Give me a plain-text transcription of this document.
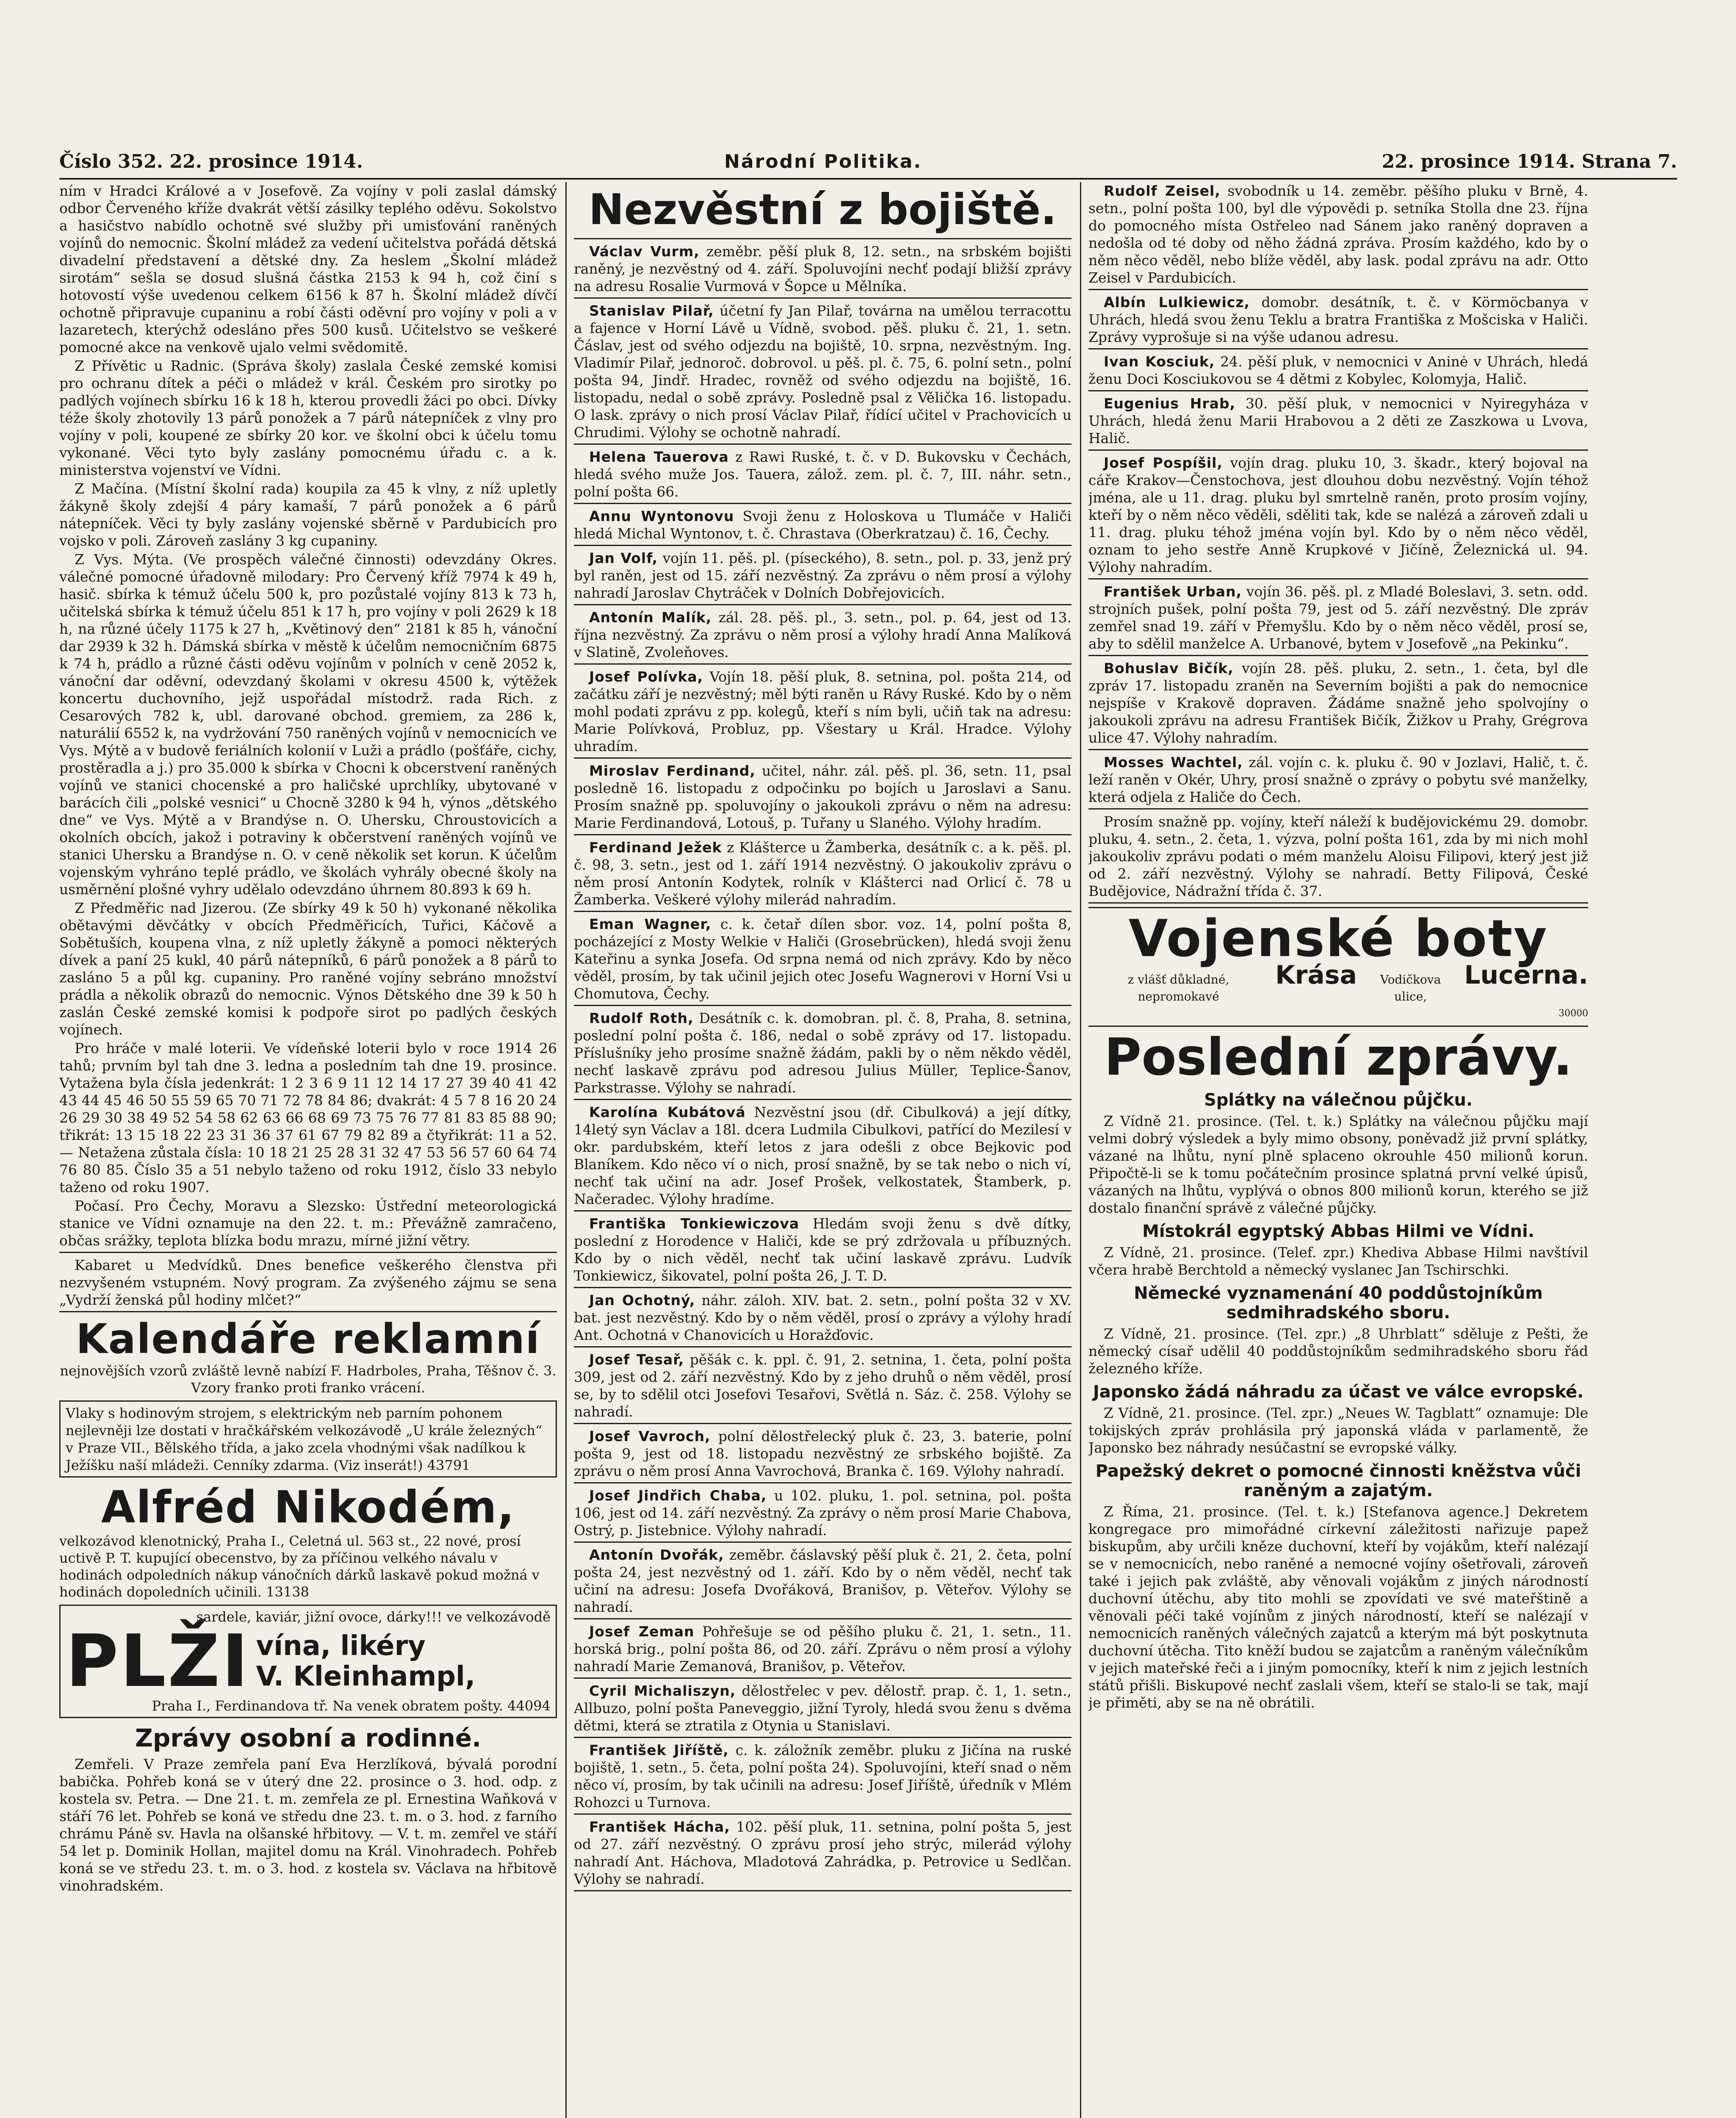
Číslo 352. 22. prosince 1914.	Národní Politika.	22. prosince 1914. Strana 7.

ním v Hradci Králové a v Josefově. Za vojíny v poli zaslal dámský odbor Červeného kříže dvakrát větší zásilky teplého oděvu. Sokolstvo a hasičstvo nabídlo ochotně své služby při umisťování raněných vojínů do nemocnic. Školní mládež za vedení učitelstva pořádá dětská divadelní představení a dětské dny. Za heslem „Školní mládež sirotám“ sešla se dosud slušná částka 2153 k 94 h, což činí s hotovostí výše uvedenou celkem 6156 k 87 h. Školní mládež dívčí ochotně připravuje cupaninu a robí části oděvní pro vojíny v poli a v lazaretech, kterýchž odesláno přes 500 kusů. Učitelstvo se veškeré pomocné akce na venkově ujalo velmi svědomitě.

Z Přívětic u Radnic. (Správa školy) zaslala České zemské komisi pro ochranu dítek a péči o mládež v král. Českém pro sirotky po padlých vojínech sbírku 16 k 18 h, kterou provedli žáci po obci. Dívky téže školy zhotovily 13 párů ponožek a 7 párů nátepníček z vlny pro vojíny v poli, koupené ze sbírky 20 kor. ve školní obci k účelu tomu vykonané. Věci tyto byly zaslány pomocnému úřadu c. a k. ministerstva vojenství ve Vídni.

Z Mačína. (Místní školní rada) koupila za 45 k vlny, z níž upletly žákyně školy zdejší 4 páry kamaší, 7 párů ponožek a 6 párů nátepníček. Věci ty byly zaslány vojenské sběrně v Pardubicích pro vojsko v poli. Zároveň zaslány 3 kg cupaniny.

Z Vys. Mýta. (Ve prospěch válečné činnosti) odevzdány Okres. válečné pomocné úřadovně milodary: Pro Červený kříž 7974 k 49 h, hasič. sbírka k témuž účelu 500 k, pro pozůstalé vojíny 813 k 73 h, učitelská sbírka k témuž účelu 851 k 17 h, pro vojíny v poli 2629 k 18 h, na různé účely 1175 k 27 h, „Květinový den“ 2181 k 85 h, vánoční dar 2939 k 32 h. Dámská sbírka v městě k účelům nemocničním 6875 k 74 h, prádlo a různé části oděvu vojínům v polních v ceně 2052 k, vánoční dar oděvní, odevzdaný školami v okresu 4500 k, výtěžek koncertu duchovního, jejž uspořádal místodrž. rada Rich. z Cesarových 782 k, ubl. darované obchod. gremiem, za 286 k, naturálií 6552 k, na vydržování 750 raněných vojínů v nemocnicích ve Vys. Mýtě a v budově feriálních kolonií v Luži a prádlo (pošťáře, cichy, prostěradla a j.) pro 35.000 k sbírka v Chocni k obcerstvení raněných vojínů ve stanici chocenské a pro haličské uprchlíky, ubytované v barácích čili „polské vesnici“ u Chocně 3280 k 94 h, výnos „dětského dne“ ve Vys. Mýtě a v Brandýse n. O. Uhersku, Chroustovicích a okolních obcích, jakož i potraviny k občerstvení raněných vojínů ve stanici Uhersku a Brandýse n. O. v ceně několik set korun. K účelům vojenským vyhráno teplé prádlo, ve školách vyhrály obecné školy na usměrnění plošné vyhry udělalo odevzdáno úhrnem 80.893 k 69 h.

Z Předměřic nad Jizerou. (Ze sbírky 49 k 50 h) vykonané několika obětavými děvčátky v obcích Předměřicích, Tuřici, Káčově a Sobětuších, koupena vlna, z níž upletly žákyně a pomoci některých dívek a paní 25 kukl, 40 párů nátepníků, 6 párů ponožek a 8 párů to zasláno 5 a půl kg. cupaniny. Pro raněné vojíny sebráno množství prádla a několik obrazů do nemocnic. Výnos Dětského dne 39 k 50 h zaslán České zemské komisi k podpoře sirot po padlých českých vojínech.

Pro hráče v malé loterii. Ve vídeňské loterii bylo v roce 1914 26 tahů; prvním byl tah dne 3. ledna a posledním tah dne 19. prosince. Vytažena byla čísla jedenkrát: 1 2 3 6 9 11 12 14 17 27 39 40 41 42 43 44 45 46 50 55 59 65 70 71 72 78 84 86; dvakrát: 4 5 7 8 16 20 24 26 29 30 38 49 52 54 58 62 63 66 68 69 73 75 76 77 81 83 85 88 90; třikrát: 13 15 18 22 23 31 36 37 61 67 79 82 89 a čtyřikrát: 11 a 52. — Netažena zůstala čísla: 10 18 21 25 28 31 32 47 53 56 57 60 64 74 76 80 85. Číslo 35 a 51 nebylo taženo od roku 1912, číslo 33 nebylo taženo od roku 1907.

Počasí. Pro Čechy, Moravu a Slezsko: Ústřední meteorologická stanice ve Vídni oznamuje na den 22. t. m.: Převážně zamračeno, občas srážky, teplota blízka bodu mrazu, mírné jižní větry.

Kabaret u Medvídků. Dnes benefice veškerého členstva při nezvyšeném vstupném. Nový program. Za zvýšeného zájmu se sena „Vydrží ženská půl hodiny mlčet?“

Kalendáře reklamní
nejnovějších vzorů zvláště levně nabízí F. Hadrboles, Praha, Těšnov č. 3. Vzory franko proti franko vrácení.
Vlaky s hodinovým strojem, s elektrickým neb parním pohonem nejlevněji lze dostati v hračkářském velkozávodě „U krále železných“ v Praze VII., Bělského třída, a jako zcela vhodnými však nadílkou k Ježíšku naší mládeži. Cenníky zdarma. (Viz inserát!) 43791
Alfréd Nikodém,
velkozávod klenotnický, Praha I., Celetná ul. 563 st., 22 nové, prosí uctivě P. T. kupující obecenstvo, by za příčinou velkého návalu v hodinách odpoledních nákup vánočních dárků laskavě pokud možná v hodinách dopoledních učinili. 13138
sardele, kaviár, jižní ovoce, dárky!!! ve velkozávodě
PLŽI vína, likéry
V. Kleinhampl,
Praha I., Ferdinandova tř. Na venek obratem pošty. 44094
Zprávy osobní a rodinné.

Zemřeli. V Praze zemřela paní Eva Herzlíková, bývalá porodní babička. Pohřeb koná se v úterý dne 22. prosince o 3. hod. odp. z kostela sv. Petra. — Dne 21. t. m. zemřela ze pl. Ernestina Waňková v stáří 76 let. Pohřeb se koná ve středu dne 23. t. m. o 3. hod. z farního chrámu Páně sv. Havla na olšanské hřbitovy. — V. t. m. zemřel ve stáří 54 let p. Dominik Hollan, majitel domu na Král. Vinohradech. Pohřeb koná se ve středu 23. t. m. o 3. hod. z kostela sv. Václava na hřbitově vinohradském.

Nezvěstní z bojiště.

Václav Vurm, zeměbr. pěší pluk 8, 12. setn., na srbském bojišti raněný, je nezvěstný od 4. září. Spoluvojíni nechť podají bližší zprávy na adresu Rosalie Vurmová v Šopce u Mělníka.

Stanislav Pilař, účetní fy Jan Pilař, továrna na umělou terracottu a fajence v Horní Lávě u Vídně, svobod. pěš. pluku č. 21, 1. setn. Čáslav, jest od svého odjezdu na bojiště, 10. srpna, nezvěstným. Ing. Vladimír Pilař, jednoroč. dobrovol. u pěš. pl. č. 75, 6. polní setn., polní pošta 94, Jindř. Hradec, rovněž od svého odjezdu na bojiště, 16. listopadu, nedal o sobě zprávy. Posledně psal z Vělička 16. listopadu. O lask. zprávy o nich prosí Václav Pilař, řídící učitel v Prachovicích u Chrudimi. Výlohy se ochotně nahradí.

Helena Tauerova z Rawi Ruské, t. č. v D. Bukovsku v Čechách, hledá svého muže Jos. Tauera, zálož. zem. pl. č. 7, III. náhr. setn., polní pošta 66.

Annu Wyntonovu Svoji ženu z Holoskova u Tlumáče v Haliči hledá Michal Wyntonov, t. č. Chrastava (Oberkratzau) č. 16, Čechy.

Jan Volf, vojín 11. pěš. pl. (píseckého), 8. setn., pol. p. 33, jenž prý byl raněn, jest od 15. září nezvěstný. Za zprávu o něm prosí a výlohy nahradí Jaroslav Chytráček v Dolních Dobřejovicích.

Antonín Malík, zál. 28. pěš. pl., 3. setn., pol. p. 64, jest od 13. října nezvěstný. Za zprávu o něm prosí a výlohy hradí Anna Malíková v Slatině, Zvoleňoves.

Josef Polívka, Vojín 18. pěší pluk, 8. setnina, pol. pošta 214, od začátku září je nezvěstný; měl býti raněn u Rávy Ruské. Kdo by o něm mohl podati zprávu z pp. kolegů, kteří s ním byli, učiň tak na adresu: Marie Polívková, Probluz, pp. Všestary u Král. Hradce. Výlohy uhradím.

Miroslav Ferdinand, učitel, náhr. zál. pěš. pl. 36, setn. 11, psal posledně 16. listopadu z odpočinku po bojích u Jaroslavi a Sanu. Prosím snažně pp. spoluvojíny o jakoukoli zprávu o něm na adresu: Marie Ferdinandová, Lotouš, p. Tuřany u Slaného. Výlohy hradím.

Ferdinand Ježek z Klášterce u Žamberka, desátník c. a k. pěš. pl. č. 98, 3. setn., jest od 1. září 1914 nezvěstný. O jakoukoliv zprávu o něm prosí Antonín Kodytek, rolník v Klášterci nad Orlicí č. 78 u Žamberka. Veškeré výlohy milerád nahradím.

Eman Wagner, c. k. četař dílen sbor. voz. 14, polní pošta 8, pocházející z Mosty Welkie v Haliči (Grosebrücken), hledá svoji ženu Kateřinu a synka Josefa. Od srpna nemá od nich zprávy. Kdo by něco věděl, prosím, by tak učinil jejich otec Josefu Wagnerovi v Horní Vsi u Chomutova, Čechy.

Rudolf Roth, Desátník c. k. domobran. pl. č. 8, Praha, 8. setnina, poslední polní pošta č. 186, nedal o sobě zprávy od 17. listopadu. Příslušníky jeho prosíme snažně žádám, pakli by o něm někdo věděl, nechť laskavě zprávu pod adresou Julius Müller, Teplice-Šanov, Parkstrasse. Výlohy se nahradí.

Karolína Kubátová Nezvěstní jsou (dř. Cibulková) a její dítky, 14letý syn Václav a 18l. dcera Ludmila Cibulkovi, patřící do Mezilesí v okr. pardubském, kteří letos z jara odešli z obce Bejkovic pod Blaníkem. Kdo něco ví o nich, prosí snažně, by se tak nebo o nich ví, nechť tak učiní na adr. Josef Prošek, velkostatek, Štamberk, p. Načeradec. Výlohy hradíme.

Františka Tonkiewiczova Hledám svoji ženu s dvě dítky, poslední z Horodence v Haliči, kde se prý zdržovala u příbuzných. Kdo by o nich věděl, nechť tak učiní laskavě zprávu. Ludvík Tonkiewicz, šikovatel, polní pošta 26, J. T. D.

Jan Ochotný, náhr. záloh. XIV. bat. 2. setn., polní pošta 32 v XV. bat. jest nezvěstný. Kdo by o něm věděl, prosí o zprávy a výlohy hradí Ant. Ochotná v Chanovicích u Horažďovic.

Josef Tesař, pěšák c. k. ppl. č. 91, 2. setnina, 1. četa, polní pošta 309, jest od 2. září nezvěstný. Kdo by z jeho druhů o něm věděl, prosí se, by to sdělil otci Josefovi Tesařovi, Světlá n. Sáz. č. 258. Výlohy se nahradí.

Josef Vavroch, polní dělostřelecký pluk č. 23, 3. baterie, polní pošta 9, jest od 18. listopadu nezvěstný ze srbského bojiště. Za zprávu o něm prosí Anna Vavrochová, Branka č. 169. Výlohy nahradí.

Josef Jindřich Chaba, u 102. pluku, 1. pol. setnina, pol. pošta 106, jest od 14. září nezvěstný. Za zprávy o něm prosí Marie Chabova, Ostrý, p. Jistebnice. Výlohy nahradí.

Antonín Dvořák, zeměbr. čáslavský pěší pluk č. 21, 2. četa, polní pošta 24, jest nezvěstný od 1. září. Kdo by o něm věděl, nechť tak učiní na adresu: Josefa Dvořáková, Branišov, p. Věteřov. Výlohy se nahradí.

Josef Zeman Pohřešuje se od pěšího pluku č. 21, 1. setn., 11. horská brig., polní pošta 86, od 20. září. Zprávu o něm prosí a výlohy nahradí Marie Zemanová, Branišov, p. Věteřov.

Cyril Michaliszyn, dělostřelec v pev. dělostř. prap. č. 1, 1. setn., Allbuzo, polní pošta Paneveggio, jižní Tyroly, hledá svou ženu s dvěma dětmi, která se ztratila z Otynia u Stanislavi.

František Jiříště, c. k. záložník zeměbr. pluku z Jičína na ruské bojiště, 1. setn., 5. četa, polní pošta 24). Spoluvojíni, kteří snad o něm něco ví, prosím, by tak učinili na adresu: Josef Jiříště, úředník v Mlém Rohozci u Turnova.

František Hácha, 102. pěší pluk, 11. setnina, polní pošta 5, jest od 27. září nezvěstný. O zprávu prosí jeho strýc, milerád výlohy nahradí Ant. Háchova, Mladotová Zahrádka, p. Petrovice u Sedlčan. Výlohy se nahradí.

Rudolf Zeisel, svobodník u 14. zeměbr. pěšího pluku v Brně, 4. setn., polní pošta 100, byl dle výpovědi p. setníka Stolla dne 23. října do pomocného místa Ostřeleo nad Sánem jako raněný dopraven a nedošla od té doby od něho žádná zpráva. Prosím každého, kdo by o něm něco věděl, nebo blíže věděl, aby lask. podal zprávu na adr. Otto Zeisel v Pardubicích.

Albín Lulkiewicz, domobr. desátník, t. č. v Körmöcbanya v Uhrách, hledá svou ženu Teklu a bratra Františka z Mošciska v Haliči. Zprávy vyprošuje si na výše udanou adresu.

Ivan Kosciuk, 24. pěší pluk, v nemocnici v Aninė v Uhrách, hledá ženu Doci Kosciukovou se 4 dětmi z Kobylec, Kolomyja, Halič.

Eugenius Hrab, 30. pěší pluk, v nemocnici v Nyiregyháza v Uhrách, hledá ženu Marii Hrabovou a 2 děti ze Zaszkowa u Lvova, Halič.

Josef Pospíšil, vojín drag. pluku 10, 3. škadr., který bojoval na cáře Krakov—Čenstochova, jest dlouhou dobu nezvěstný. Vojín téhož jména, ale u 11. drag. pluku byl smrtelně raněn, proto prosím vojíny, kteří by o něm něco věděli, sděliti tak, kde se nalézá a zároveň zdali u 11. drag. pluku téhož jména vojín byl. Kdo by o něm něco věděl, oznam to jeho sestře Anně Krupkové v Jičíně, Železnická ul. 94. Výlohy nahradím.

František Urban, vojín 36. pěš. pl. z Mladé Boleslavi, 3. setn. odd. strojních pušek, polní pošta 79, jest od 5. září nezvěstný. Dle zpráv zemřel snad 19. září v Přemyšlu. Kdo by o něm něco věděl, prosí se, aby to sdělil manželce A. Urbanové, bytem v Josefově „na Pekinku“.

Bohuslav Bičík, vojín 28. pěš. pluku, 2. setn., 1. četa, byl dle zpráv 17. listopadu zraněn na Severním bojišti a pak do nemocnice nejspíše v Krakově dopraven. Žádáme snažně jeho spolvojíny o jakoukoli zprávu na adresu František Bičík, Žižkov u Prahy, Grégrova ulice 47. Výlohy nahradím.

Mosses Wachtel, zál. vojín c. k. pluku č. 90 v Jozlavi, Halič, t. č. leží raněn v Okér, Uhry, prosí snažně o zprávy o pobytu své manželky, která odjela z Haliče do Čech.

Prosím snažně pp. vojíny, kteří náleží k budějovickému 29. domobr. pluku, 4. setn., 2. četa, 1. výzva, polní pošta 161, zda by mi nich mohl jakoukoliv zprávu podati o mém manželu Aloisu Filipovi, který jest již od 2. září nezvěstný. Výlohy se nahradí. Betty Filipová, České Budějovice, Nádražní třída č. 37.

Vojenské boty
z vlášť důkladné, nepromokavé
Krása	Vodičkova ulice,
Lucerna.
30000
Poslední zprávy.
Splátky na válečnou půjčku.

Z Vídně 21. prosince. (Tel. t. k.) Splátky na válečnou půjčku mají velmi dobrý výsledek a byly mimo obsony, poněvadž již první splátky, vázané na lhůtu, nyní plně splaceno okrouhle 450 milionů korun. Připočtě-li se k tomu počátečním prosince splatná první velké úpisů, vázaných na lhůtu, vyplývá o obnos 800 milionů korun, kterého se již dostalo finanční správě z válečné půjčky.

Místokrál egyptský Abbas Hilmi ve Vídni.

Z Vídně, 21. prosince. (Telef. zpr.) Khediva Abbase Hilmi navštívil včera hrabě Berchtold a německý vyslanec Jan Tschirschki.

Německé vyznamenání 40 poddůstojníkům sedmihradského sboru.

Z Vídně, 21. prosince. (Tel. zpr.) „8 Uhrblatt“ sděluje z Pešti, že německý císař udělil 40 poddůstojníkům sedmihradského sboru řád železného kříže.

Japonsko žádá náhradu za účast ve válce evropské.

Z Vídně, 21. prosince. (Tel. zpr.) „Neues W. Tagblatt“ oznamuje: Dle tokijských zpráv prohlásila prý japonská vláda v parlamentě, že Japonsko bez náhrady nesúčastní se evropské války.

Papežský dekret o pomocné činnosti kněžstva vůči raněným a zajatým.

Z Říma, 21. prosince. (Tel. t. k.) [Stefanova agence.] Dekretem kongregace pro mimořádné církevní záležitosti nařizuje papež biskupům, aby určili kněze duchovní, kteří by vojákům, kteří nalézají se v nemocnicích, nebo raněné a nemocné vojíny ošetřovali, zároveň také i jejich pak zvláště, aby věnovali vojákům z jiných národností duchovní útěchu, aby tito mohli se zpovídati ve své mateřštině a věnovali péči také vojínům z jiných národností, kteří se nalézají v nemocnicích raněných válečných zajatců a kterým má být poskytnuta duchovní útěcha. Tito kněží budou se zajatcům a raněným válečníkům v jejich mateřské řeči a i jiným pomocníky, kteří k nim z jejich lestních států přišli. Biskupové nechť zaslali všem, kteří se stalo-li se tak, mají je přiměti, aby se na ně obrátili.
